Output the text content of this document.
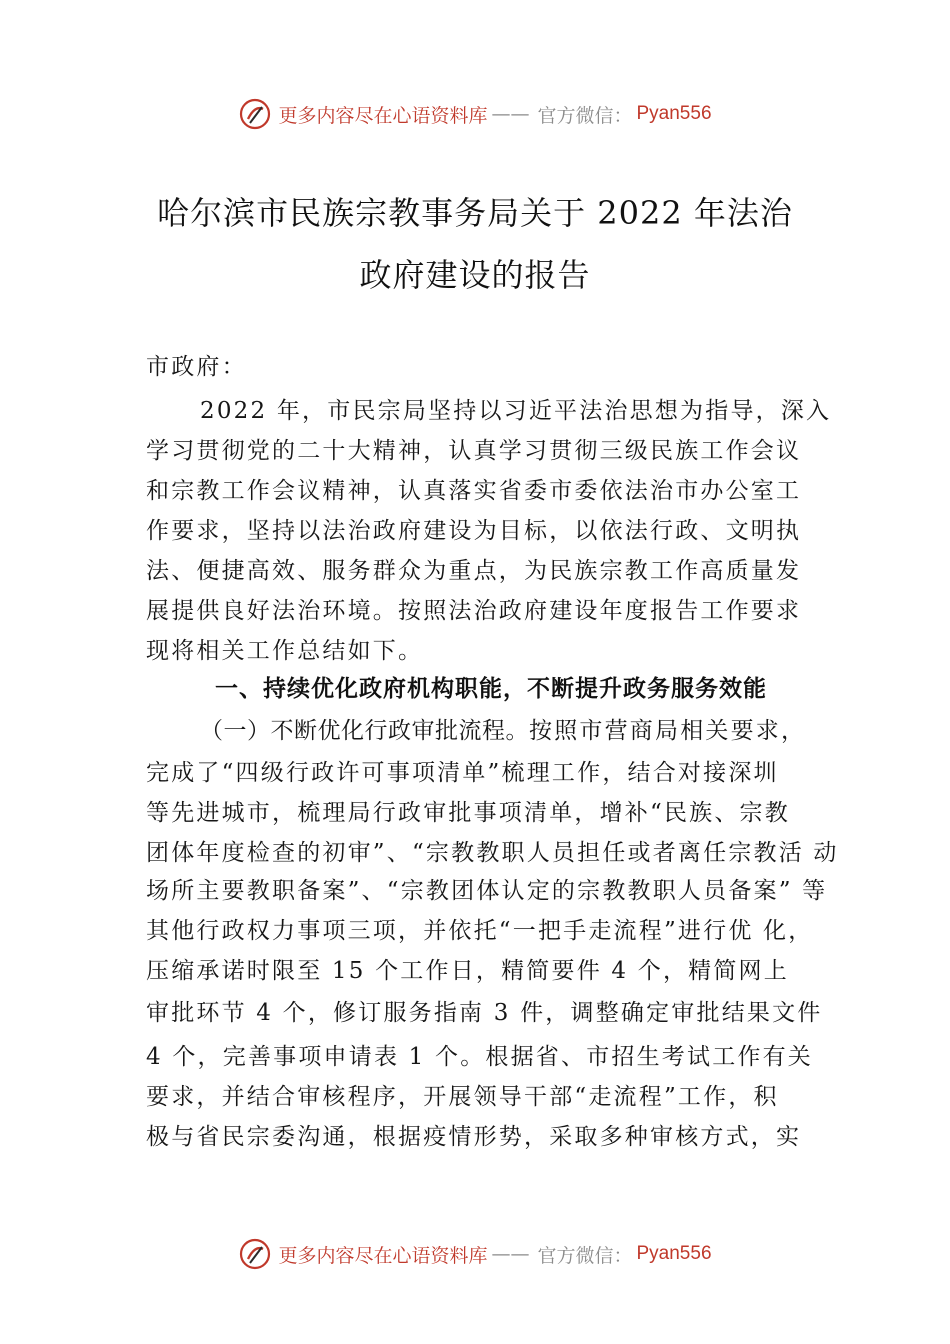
更多内容尽在心语资料库 —— 官方微信： Pyan556
哈尔滨市民族宗教事务局关于 2022 年法治
政府建设的报告
市政府：
2022 年，市民宗局坚持以习近平法治思想为指导，深入
学习贯彻党的二十大精神，认真学习贯彻三级民族工作会议
和宗教工作会议精神，认真落实省委市委依法治市办公室工
作要求，坚持以法治政府建设为目标，以依法行政、文明执
法、便捷高效、服务群众为重点，为民族宗教工作高质量发
展提供良好法治环境。按照法治政府建设年度报告工作要求
现将相关工作总结如下。
一、持续优化政府机构职能，不断提升政务服务效能
（一）不断优化行政审批流程。按照市营商局相关要求，
完成了“四级行政许可事项清单”梳理工作，结合对接深圳
等先进城市，梳理局行政审批事项清单，增补“民族、宗教
团体年度检查的初审”、“宗教教职人员担任或者离任宗教活 动
场所主要教职备案”、“宗教团体认定的宗教教职人员备案” 等
其他行政权力事项三项，并依托“一把手走流程”进行优 化，
压缩承诺时限至 15 个工作日，精简要件 4 个，精简网上
审批环节 4 个，修订服务指南 3 件，调整确定审批结果文件
4 个，完善事项申请表 1 个。根据省、市招生考试工作有关
要求，并结合审核程序，开展领导干部“走流程”工作，积
极与省民宗委沟通，根据疫情形势，采取多种审核方式，实
更多内容尽在心语资料库 —— 官方微信： Pyan556
